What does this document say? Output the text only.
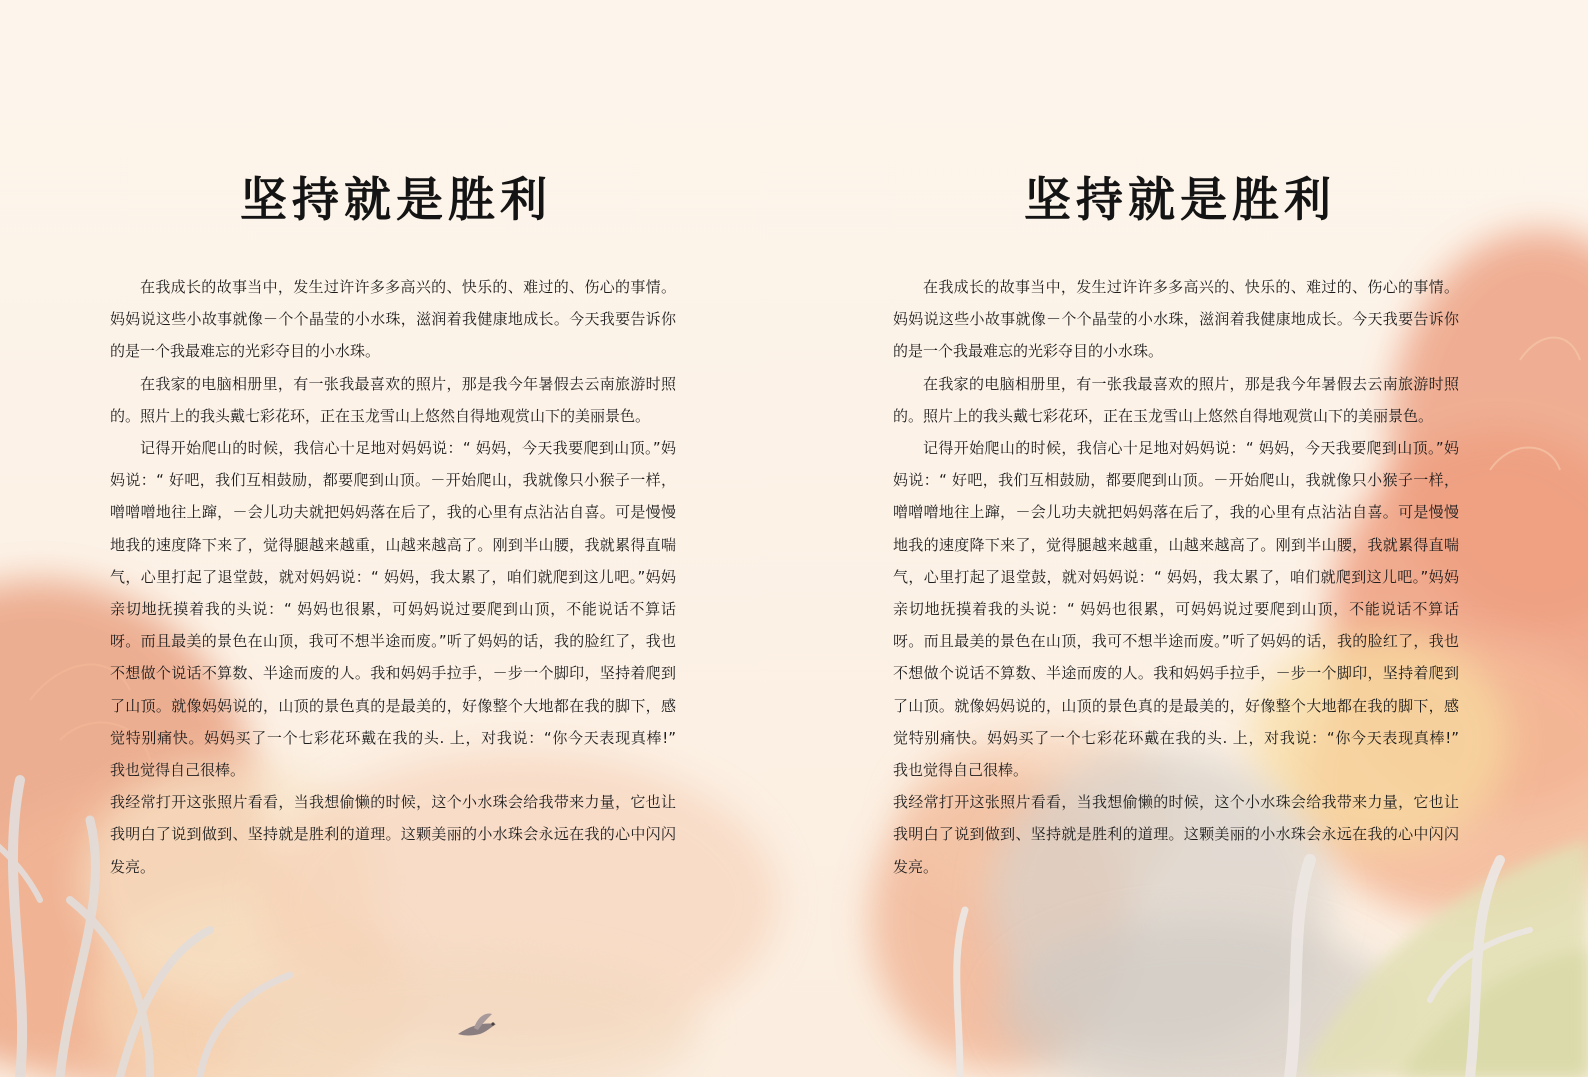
坚持就是胜利

在我成长的故事当中，发生过许许多多高兴的、快乐的、难过的、伤心的事情。妈妈说这些小故事就像－个个晶莹的小水珠，滋润着我健康地成长。今天我要告诉你的是一个我最难忘的光彩夺目的小水珠。

在我家的电脑相册里，有一张我最喜欢的照片，那是我今年暑假去云南旅游时照的。照片上的我头戴七彩花环，正在玉龙雪山上悠然自得地观赏山下的美丽景色。

记得开始爬山的时候，我信心十足地对妈妈说：“ 妈妈，今天我要爬到山顶。”妈妈说：“ 好吧，我们互相鼓励，都要爬到山顶。－开始爬山，我就像只小猴子一样，噌噌噌地往上蹿，－会儿功夫就把妈妈落在后了，我的心里有点沾沾自喜。可是慢慢地我的速度降下来了，觉得腿越来越重，山越来越高了。刚到半山腰，我就累得直喘气，心里打起了退堂鼓，就对妈妈说：“ 妈妈，我太累了，咱们就爬到这儿吧。”妈妈亲切地抚摸着我的头说：“ 妈妈也很累，可妈妈说过要爬到山顶，不能说话不算话呀。而且最美的景色在山顶，我可不想半途而废。”听了妈妈的话，我的脸红了，我也不想做个说话不算数、半途而废的人。我和妈妈手拉手，－步一个脚印，坚持着爬到了山顶。就像妈妈说的，山顶的景色真的是最美的，好像整个大地都在我的脚下，感觉特别痛快。妈妈买了一个七彩花环戴在我的头. 上，对我说：“你今天表现真棒!”　我也觉得自己很棒。

我经常打开这张照片看看，当我想偷懒的时候，这个小水珠会给我带来力量，它也让我明白了说到做到、坚持就是胜利的道理。这颗美丽的小水珠会永远在我的心中闪闪发亮。

坚持就是胜利

在我成长的故事当中，发生过许许多多高兴的、快乐的、难过的、伤心的事情。妈妈说这些小故事就像－个个晶莹的小水珠，滋润着我健康地成长。今天我要告诉你的是一个我最难忘的光彩夺目的小水珠。

在我家的电脑相册里，有一张我最喜欢的照片，那是我今年暑假去云南旅游时照的。照片上的我头戴七彩花环，正在玉龙雪山上悠然自得地观赏山下的美丽景色。

记得开始爬山的时候，我信心十足地对妈妈说：“ 妈妈，今天我要爬到山顶。”妈妈说：“ 好吧，我们互相鼓励，都要爬到山顶。－开始爬山，我就像只小猴子一样，噌噌噌地往上蹿，－会儿功夫就把妈妈落在后了，我的心里有点沾沾自喜。可是慢慢地我的速度降下来了，觉得腿越来越重，山越来越高了。刚到半山腰，我就累得直喘气，心里打起了退堂鼓，就对妈妈说：“ 妈妈，我太累了，咱们就爬到这儿吧。”妈妈亲切地抚摸着我的头说：“ 妈妈也很累，可妈妈说过要爬到山顶，不能说话不算话呀。而且最美的景色在山顶，我可不想半途而废。”听了妈妈的话，我的脸红了，我也不想做个说话不算数、半途而废的人。我和妈妈手拉手，－步一个脚印，坚持着爬到了山顶。就像妈妈说的，山顶的景色真的是最美的，好像整个大地都在我的脚下，感觉特别痛快。妈妈买了一个七彩花环戴在我的头. 上，对我说：“你今天表现真棒!”　我也觉得自己很棒。

我经常打开这张照片看看，当我想偷懒的时候，这个小水珠会给我带来力量，它也让我明白了说到做到、坚持就是胜利的道理。这颗美丽的小水珠会永远在我的心中闪闪发亮。
